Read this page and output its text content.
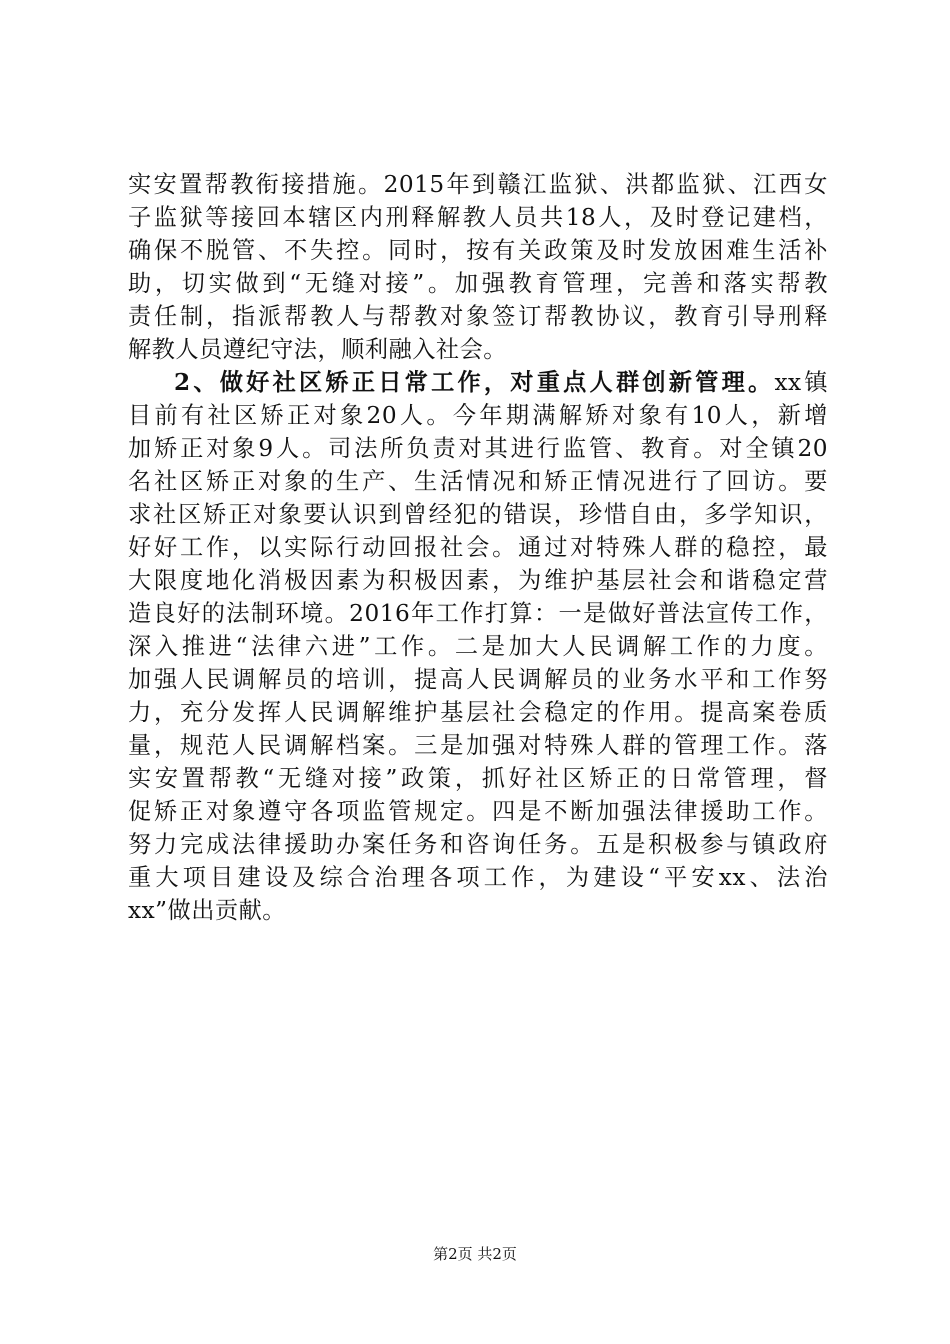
实安置帮教衔接措施。2015年到赣江监狱、洪都监狱、江西女
子监狱等接回本辖区内刑释解教人员共18人，及时登记建档，
确保不脱管、不失控。同时，按有关政策及时发放困难生活补
助，切实做到“无缝对接”。加强教育管理，完善和落实帮教
责任制，指派帮教人与帮教对象签订帮教协议，教育引导刑释
解教人员遵纪守法，顺利融入社会。
2、做好社区矫正日常工作，对重点人群创新管理。xx镇
目前有社区矫正对象20人。今年期满解矫对象有10人，新增
加矫正对象9人。司法所负责对其进行监管、教育。对全镇20
名社区矫正对象的生产、生活情况和矫正情况进行了回访。要
求社区矫正对象要认识到曾经犯的错误，珍惜自由，多学知识，
好好工作，以实际行动回报社会。通过对特殊人群的稳控，最
大限度地化消极因素为积极因素，为维护基层社会和谐稳定营
造良好的法制环境。2016年工作打算：一是做好普法宣传工作，
深入推进“法律六进”工作。二是加大人民调解工作的力度。
加强人民调解员的培训，提高人民调解员的业务水平和工作努
力，充分发挥人民调解维护基层社会稳定的作用。提高案卷质
量，规范人民调解档案。三是加强对特殊人群的管理工作。落
实安置帮教“无缝对接”政策，抓好社区矫正的日常管理，督
促矫正对象遵守各项监管规定。四是不断加强法律援助工作。
努力完成法律援助办案任务和咨询任务。五是积极参与镇政府
重大项目建设及综合治理各项工作，为建设“平安xx、法治
xx”做出贡献。
第2页 共2页
